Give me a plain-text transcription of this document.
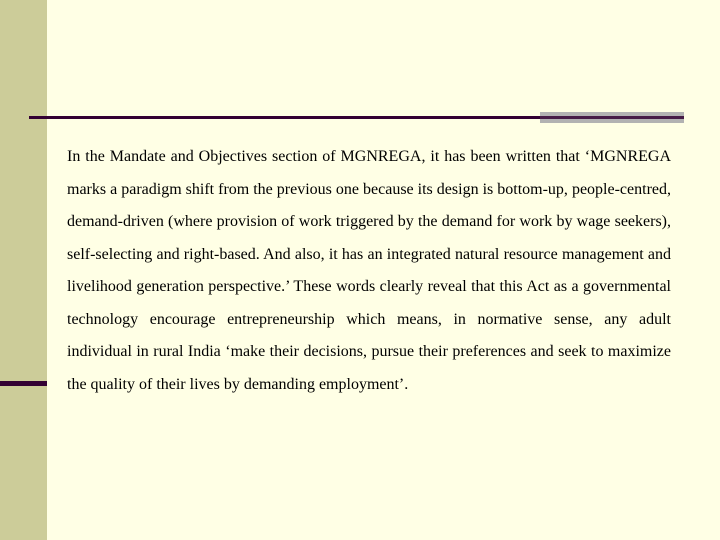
In the Mandate and Objectives section of MGNREGA, it has been written that ‘MGNREGA marks a paradigm shift from the previous one because its design is bottom-up, people-centred, demand-driven (where provision of work triggered by the demand for work by wage seekers), self-selecting and right-based. And also, it has an integrated natural resource management and livelihood generation perspective.’ These words clearly reveal that this Act as a governmental technology encourage entrepreneurship which means, in normative sense, any adult individual in rural India ‘make their decisions, pursue their preferences and seek to maximize the quality of their lives by demanding employment’.
